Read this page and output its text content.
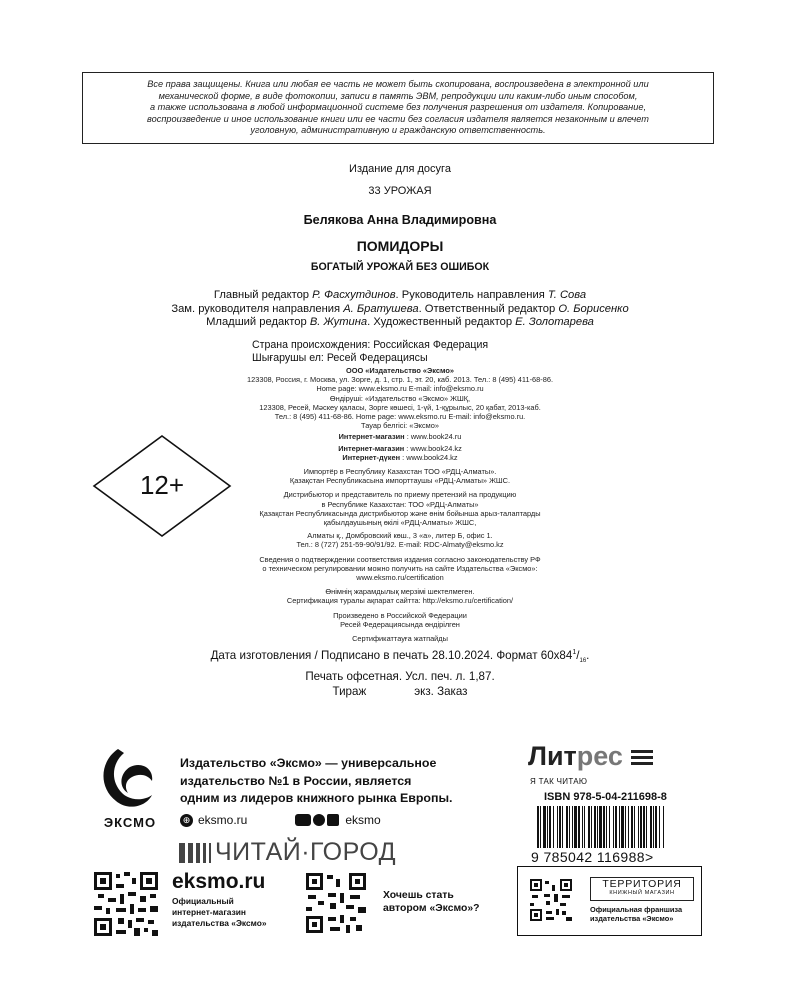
Все права защищены. Книга или любая ее часть не может быть скопирована, воспроизведена в электронной или
механической форме, в виде фотокопии, записи в память ЭВМ, репродукции или каким-либо иным способом,
а также использована в любой информационной системе без получения разрешения от издателя. Копирование,
воспроизведение и иное использование книги или ее части без согласия издателя является незаконным и влечет
уголовную, административную и гражданскую ответственность.
Издание для досуга
33 УРОЖАЯ
Белякова Анна Владимировна
ПОМИДОРЫ
БОГАТЫЙ УРОЖАЙ БЕЗ ОШИБОК
Главный редактор Р. Фасхутдинов. Руководитель направления Т. Сова
Зам. руководителя направления А. Братушева. Ответственный редактор О. Борисенко
Младший редактор В. Жутина. Художественный редактор Е. Золотарева
Страна происхождения: Российская Федерация
Шығарушы ел: Ресей Федерациясы
ООО «Издательство «Эксмо»
123308, Россия, г. Москва, ул. Зорге, д. 1, стр. 1, эт. 20, каб. 2013. Тел.: 8 (495) 411-68-86.
Home page: www.eksmo.ru E-mail: info@eksmo.ru
Өндіруші: «Издательство «Эксмо» ЖШҚ,
123308, Ресей, Мәскеу қаласы, Зорге көшесі, 1-үй, 1-құрылыс, 20 қабат, 2013-каб.
Тел.: 8 (495) 411-68-86. Home page: www.eksmo.ru E-mail: info@eksmo.ru.
Тауар белгісі: «Эксмо»
Интернет-магазин : www.book24.ru
Интернет-магазин : www.book24.kz
Интернет-дүкен : www.book24.kz
Импортёр в Республику Казахстан ТОО «РДЦ-Алматы».
Қазақстан Республикасына импорттаушы «РДЦ-Алматы» ЖШС.
Дистрибьютор и представитель по приему претензий на продукцию
в Республике Казахстан: ТОО «РДЦ-Алматы»
Қазақстан Республикасында дистрибьютор және өнім бойынша арыз-талаптарды
қабылдаушының өкілі «РДЦ-Алматы» ЖШС,
Алматы қ., Домбровский көш., 3 «а», литер Б, офис 1.
Тел.: 8 (727) 251-59-90/91/92. E-mail: RDC-Almaty@eksmo.kz
Сведения о подтверждении соответствия издания согласно законодательству РФ
о техническом регулировании можно получить на сайте Издательства «Эксмо»:
www.eksmo.ru/certification
Өнімнің жарамдылық мерзімі шектелмеген.
Сертификация туралы ақпарат сайтта: http://eksmo.ru/certification/
Произведено в Российской Федерации
Ресей Федерациясында өндірілген
Сертификаттауға жатпайды
12+
Дата изготовления / Подписано в печать 28.10.2024. Формат $60x84^1/_{16}$.
Печать офсетная. Усл. печ. л. 1,87.
Тираж	экз. Заказ
ЭКСМО
Издательство «Эксмо» — универсальное
издательство №1 в России, является
одним из лидеров книжного рынка Европы.
⊕ eksmo.ru	eksmo
ЧИТАЙ·ГОРОД
eksmo.ru
Официальный
интернет-магазин
издательства «Эксмо»
Хочешь стать
автором «Эксмо»?
Лит рес
Я ТАК ЧИТАЮ
ISBN 978-5-04-211698-8
9 785042 116988>
ТЕРРИТОРИЯ
КНИЖНЫЙ МАГАЗИН
Официальная франшиза
издательства «Эксмо»
